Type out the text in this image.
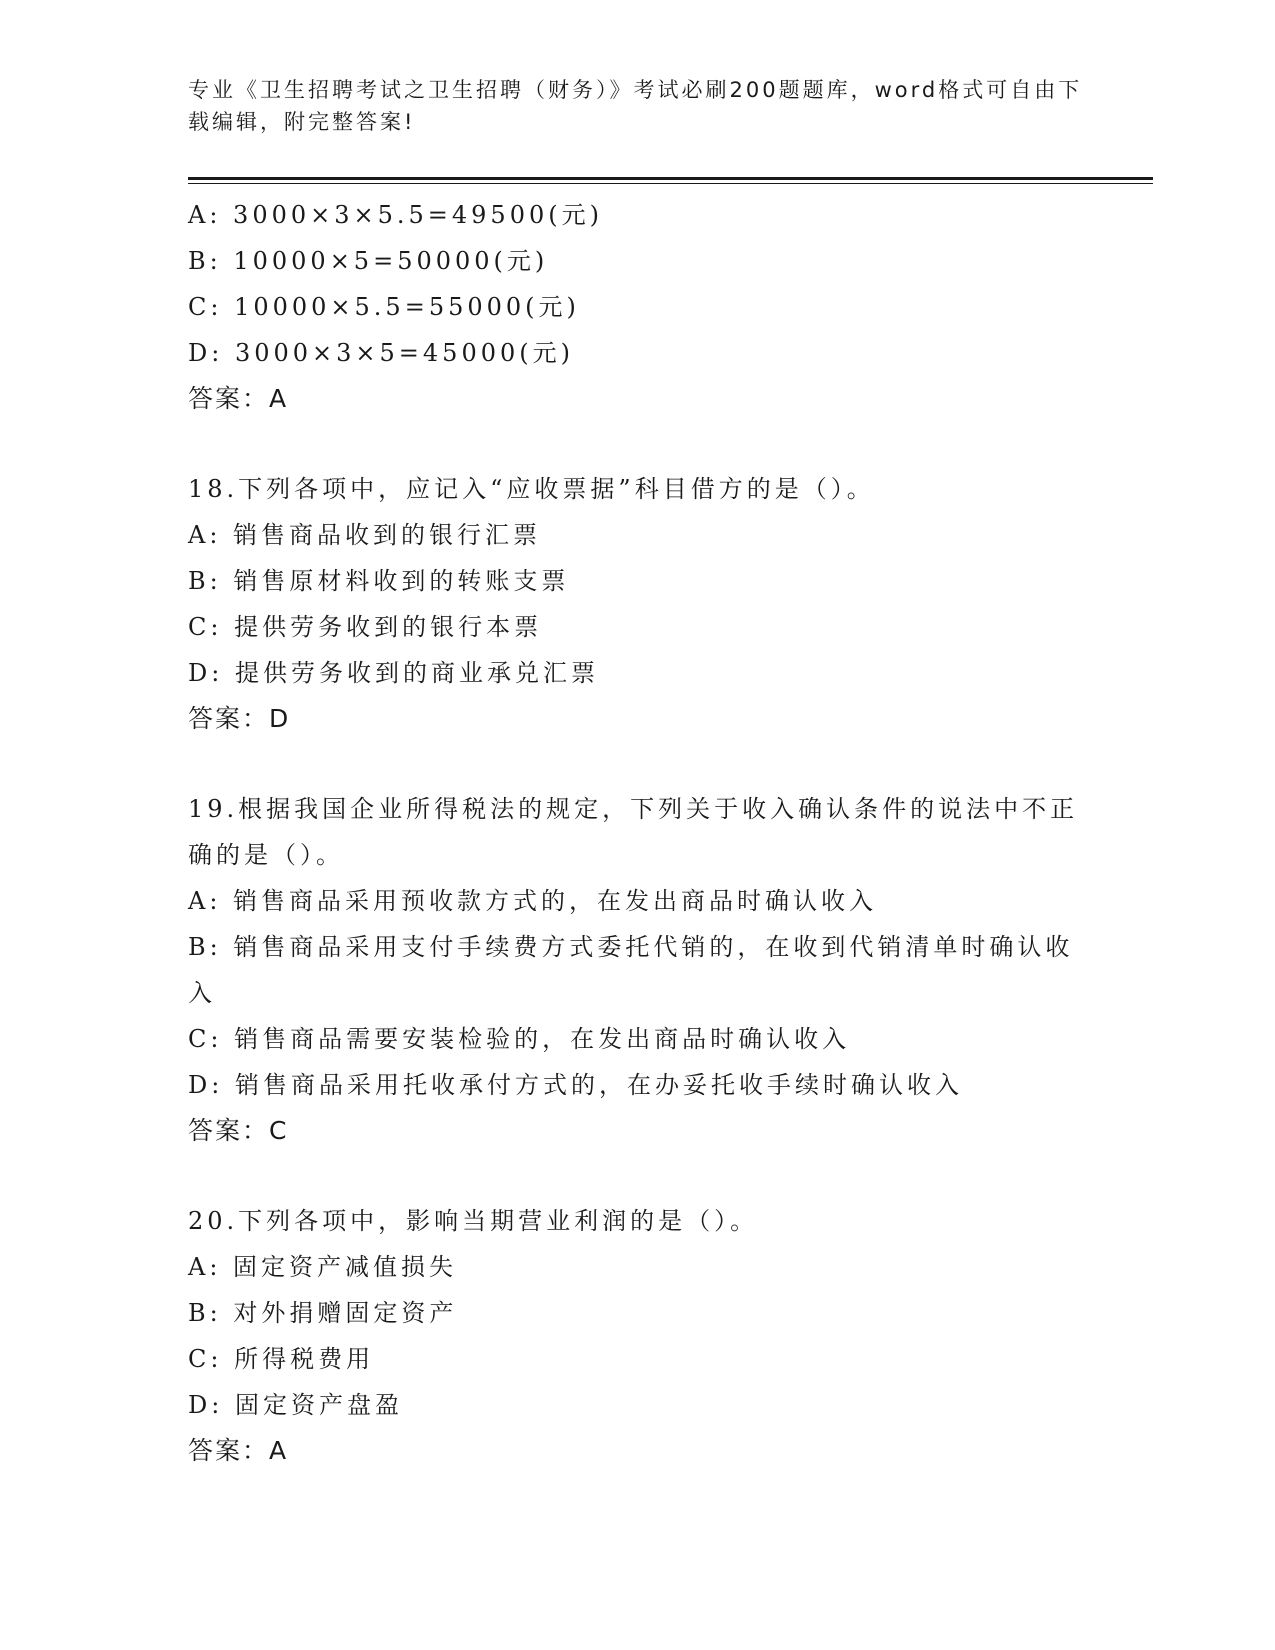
专业《卫生招聘考试之卫生招聘（财务）》考试必刷200题题库，word格式可自由下载编辑，附完整答案!
A: 3000×3×5.5=49500(元)
B: 10000×5=50000(元)
C: 10000×5.5=55000(元)
D: 3000×3×5=45000(元)
答案：A
18.下列各项中，应记入“应收票据”科目借方的是（）。
A: 销售商品收到的银行汇票
B: 销售原材料收到的转账支票
C: 提供劳务收到的银行本票
D: 提供劳务收到的商业承兑汇票
答案：D
19.根据我国企业所得税法的规定，下列关于收入确认条件的说法中不正确的是（）。
A: 销售商品采用预收款方式的，在发出商品时确认收入
B: 销售商品采用支付手续费方式委托代销的，在收到代销清单时确认收入
C: 销售商品需要安装检验的，在发出商品时确认收入
D: 销售商品采用托收承付方式的，在办妥托收手续时确认收入
答案：C
20.下列各项中，影响当期营业利润的是（）。
A: 固定资产减值损失
B: 对外捐赠固定资产
C: 所得税费用
D: 固定资产盘盈
答案：A
